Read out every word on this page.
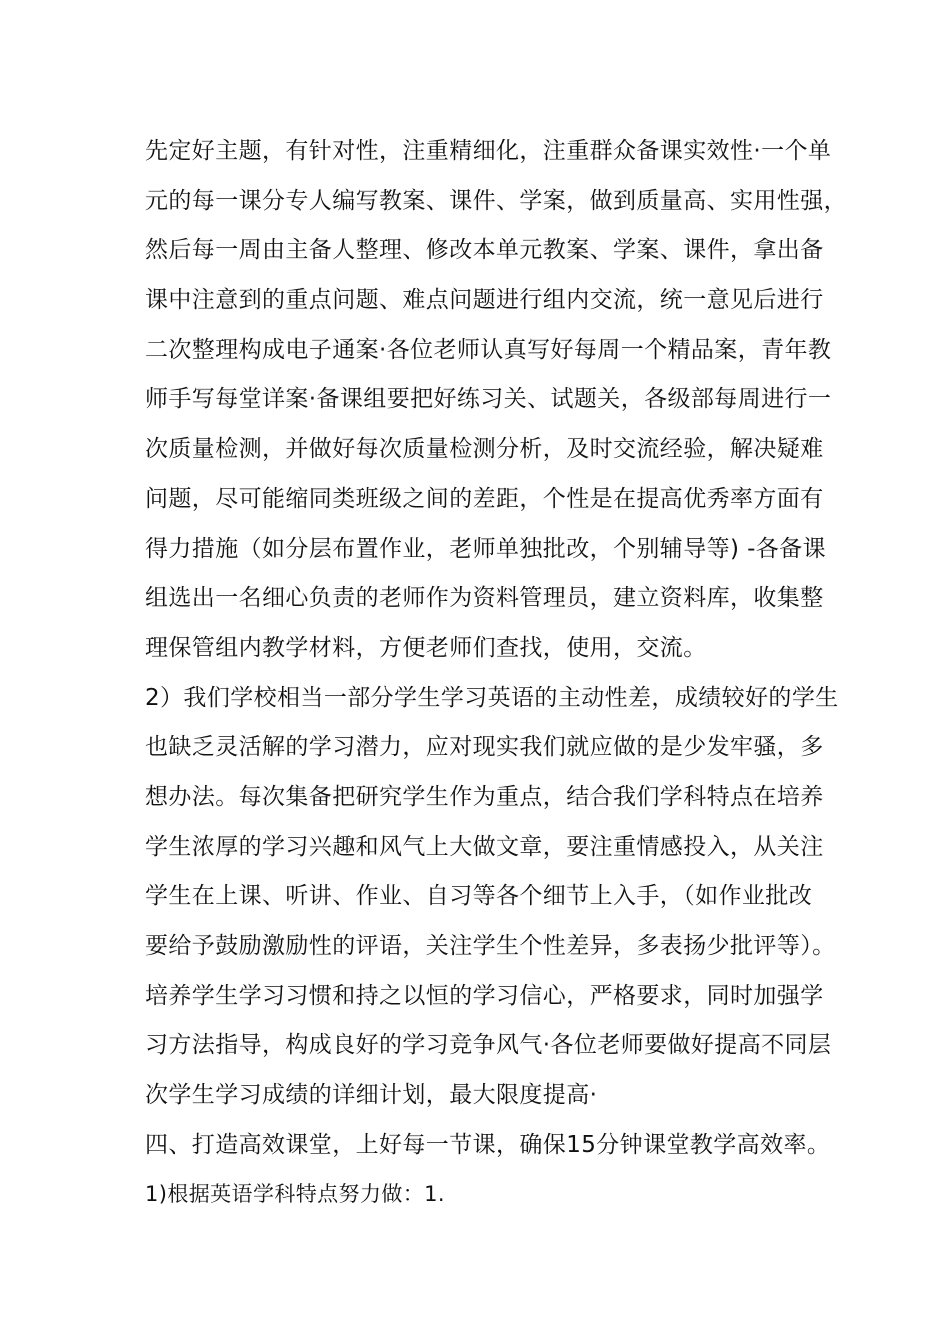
先定好主题，有针对性，注重精细化，注重群众备课实效性·一个单
元的每一课分专人编写教案、课件、学案，做到质量高、实用性强，
然后每一周由主备人整理、修改本单元教案、学案、课件，拿出备
课中注意到的重点问题、难点问题进行组内交流，统一意见后进行
二次整理构成电子通案·各位老师认真写好每周一个精品案，青年教
师手写每堂详案·备课组要把好练习关、试题关，各级部每周进行一
次质量检测，并做好每次质量检测分析，及时交流经验，解决疑难
问题，尽可能缩同类班级之间的差距，个性是在提高优秀率方面有
得力措施（如分层布置作业，老师单独批改，个别辅导等) -各备课
组选出一名细心负责的老师作为资料管理员，建立资料库，收集整
理保管组内教学材料，方便老师们查找，使用，交流。
2）我们学校相当一部分学生学习英语的主动性差，成绩较好的学生
也缺乏灵活解的学习潜力，应对现实我们就应做的是少发牢骚，多
想办法。每次集备把研究学生作为重点，结合我们学科特点在培养
学生浓厚的学习兴趣和风气上大做文章，要注重情感投入，从关注
学生在上课、听讲、作业、自习等各个细节上入手，（如作业批改
要给予鼓励激励性的评语，关注学生个性差异，多表扬少批评等）。
培养学生学习习惯和持之以恒的学习信心，严格要求，同时加强学
习方法指导，构成良好的学习竞争风气·各位老师要做好提高不同层
次学生学习成绩的详细计划，最大限度提高·
四、打造高效课堂，上好每一节课，确保15分钟课堂教学高效率。
1)根据英语学科特点努力做：1.
